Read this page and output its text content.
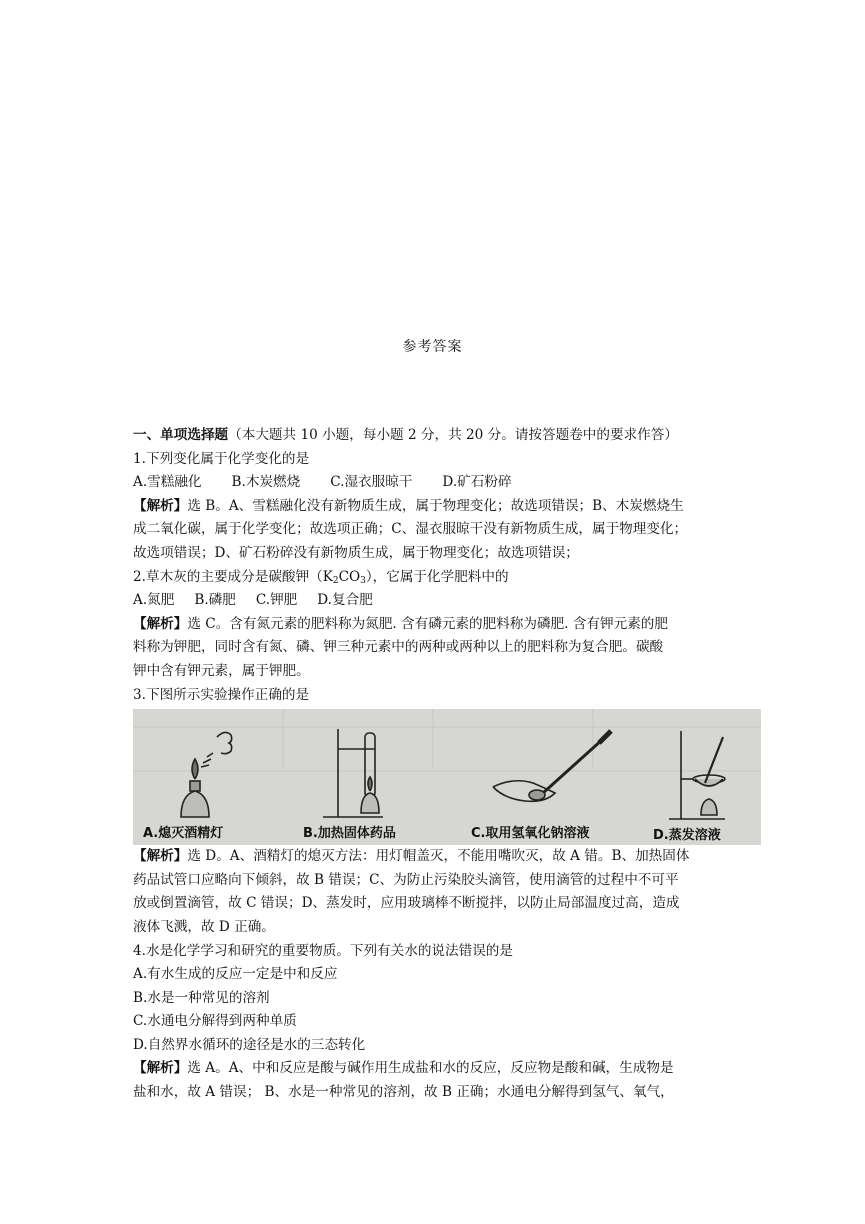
参考答案
一、单项选择题（本大题共 10 小题，每小题 2 分，共 20 分。请按答题卷中的要求作答）
1.下列变化属于化学变化的是
A.雪糕融化 B.木炭燃烧 C.湿衣服晾干 D.矿石粉碎
【解析】选 B。A、雪糕融化没有新物质生成，属于物理变化；故选项错误；B、木炭燃烧生
成二氧化碳，属于化学变化；故选项正确；C、湿衣服晾干没有新物质生成，属于物理变化；
故选项错误；D、矿石粉碎没有新物质生成，属于物理变化；故选项错误；
2.草木灰的主要成分是碳酸钾$(K_2CO_3)$，它属于化学肥料中的
A.氮肥 B.磷肥 C.钾肥 D.复合肥
【解析】选 C。含有氮元素的肥料称为氮肥. 含有磷元素的肥料称为磷肥. 含有钾元素的肥
料称为钾肥，同时含有氮、磷、钾三种元素中的两种或两种以上的肥料称为复合肥。碳酸
钾中含有钾元素，属于钾肥。
3.下图所示实验操作正确的是
A.熄灭酒精灯	B.加热固体药品	C.取用氢氧化钠溶液	D.蒸发溶液
【解析】选 D。A、酒精灯的熄灭方法：用灯帽盖灭，不能用嘴吹灭，故 A 错。B、加热固体
药品试管口应略向下倾斜，故 B 错误；C、为防止污染胶头滴管，使用滴管的过程中不可平
放或倒置滴管，故 C 错误；D、蒸发时，应用玻璃棒不断搅拌，以防止局部温度过高，造成
液体飞溅，故 D 正确。
4.水是化学学习和研究的重要物质。下列有关水的说法错误的是
A.有水生成的反应一定是中和反应
B.水是一种常见的溶剂
C.水通电分解得到两种单质
D.自然界水循环的途径是水的三态转化
【解析】选 A。A、中和反应是酸与碱作用生成盐和水的反应，反应物是酸和碱，生成物是
盐和水，故 A 错误； B、水是一种常见的溶剂，故 B 正确；水通电分解得到氢气、氧气，
